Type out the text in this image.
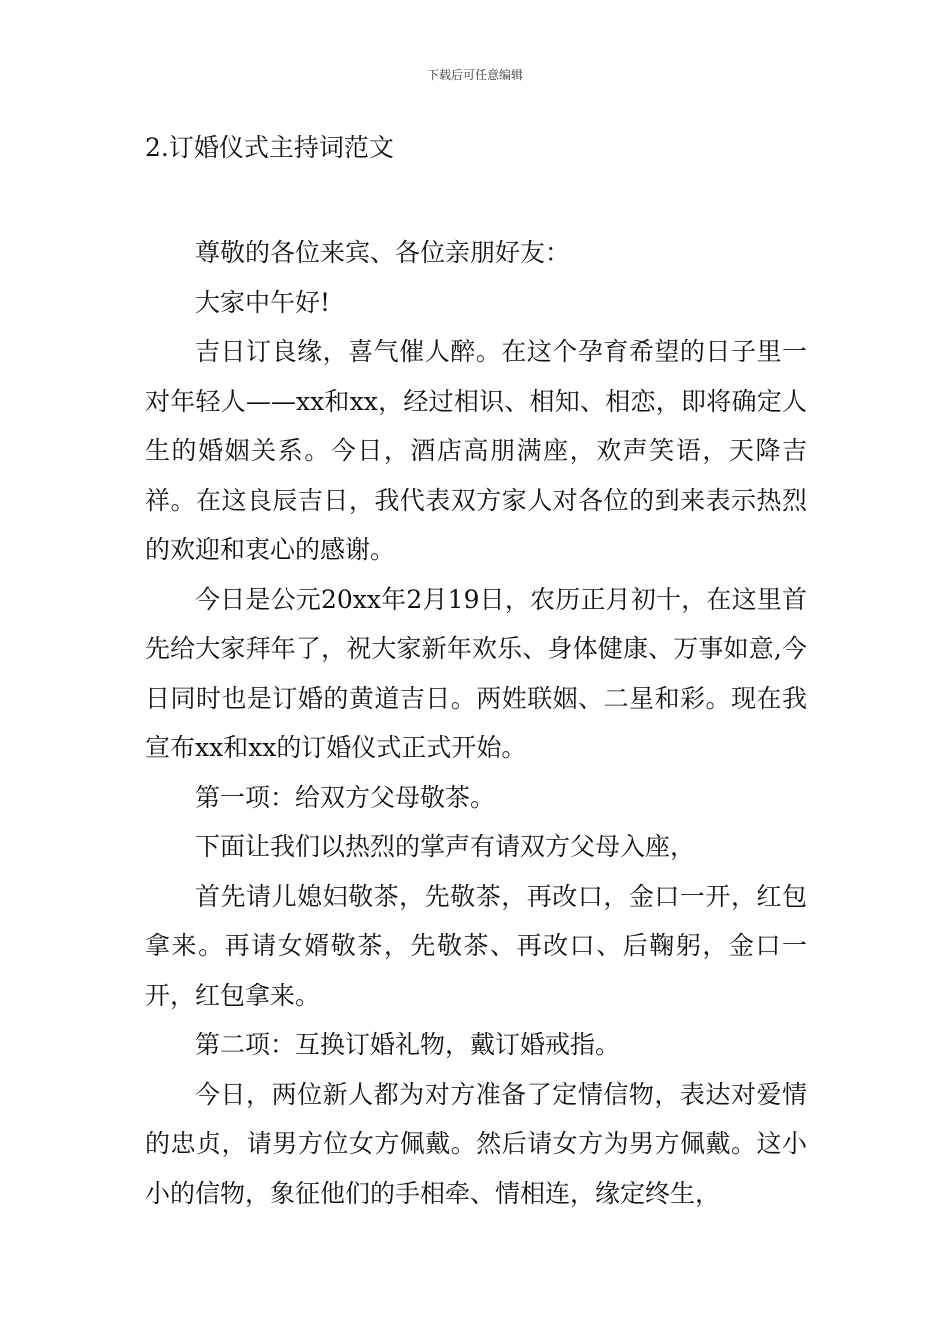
下载后可任意编辑
2.订婚仪式主持词范文

尊敬的各位来宾、各位亲朋好友：

大家中午好!

吉日订良缘，喜气催人醉。在这个孕育希望的日子里一对年轻人——xx和xx，经过相识、相知、相恋，即将确定人生的婚姻关系。今日，酒店高朋满座，欢声笑语，天降吉祥。在这良辰吉日，我代表双方家人对各位的到来表示热烈的欢迎和衷心的感谢。

今日是公元20xx年2月19日，农历正月初十，在这里首先给大家拜年了，祝大家新年欢乐、身体健康、万事如意,今日同时也是订婚的黄道吉日。两姓联姻、二星和彩。现在我宣布xx和xx的订婚仪式正式开始。

第一项：给双方父母敬茶。

下面让我们以热烈的掌声有请双方父母入座，

首先请儿媳妇敬茶，先敬茶，再改口，金口一开，红包拿来。再请女婿敬茶，先敬茶、再改口、后鞠躬，金口一开，红包拿来。

第二项：互换订婚礼物，戴订婚戒指。

今日，两位新人都为对方准备了定情信物，表达对爱情的忠贞，请男方位女方佩戴。然后请女方为男方佩戴。这小小的信物，象征他们的手相牵、情相连，缘定终生，
